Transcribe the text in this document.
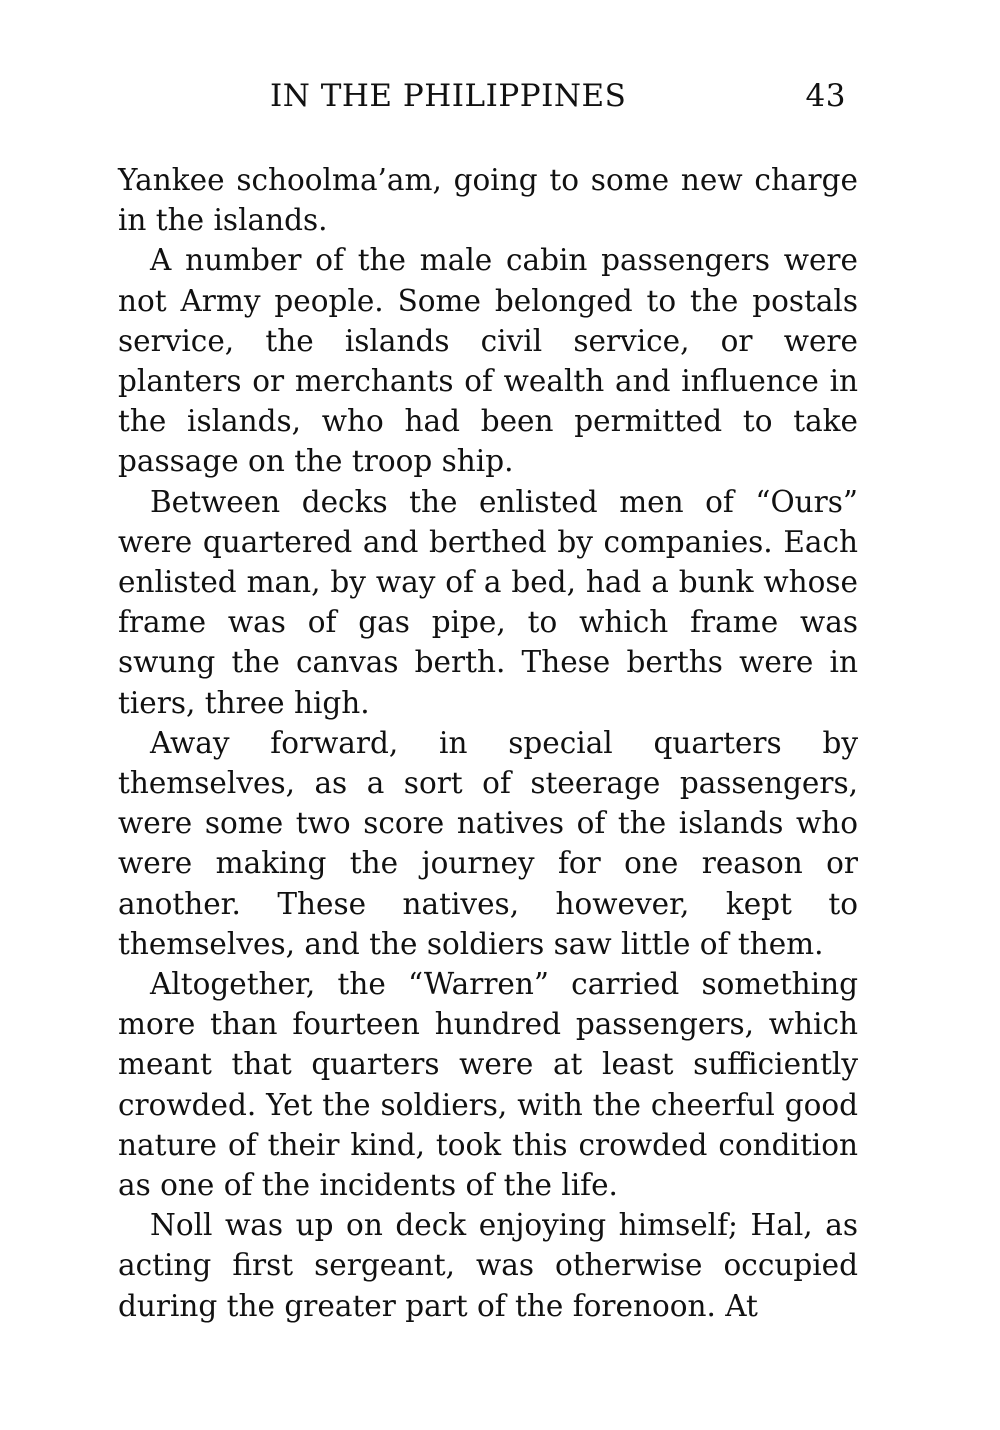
IN THE PHILIPPINES	43

Yankee schoolma’am, going to some new charge in the islands.

A number of the male cabin passengers were not Army people. Some belonged to the postals service, the islands civil service, or were planters or merchants of wealth and influence in the islands, who had been permitted to take passage on the troop ship.

Between decks the enlisted men of “Ours” were quartered and berthed by companies. Each enlisted man, by way of a bed, had a bunk whose frame was of gas pipe, to which frame was swung the canvas berth. These berths were in tiers, three high.

Away forward, in special quarters by themselves, as a sort of steerage passengers, were some two score natives of the islands who were making the journey for one reason or another. These natives, however, kept to themselves, and the soldiers saw little of them.

Altogether, the “Warren” carried something more than fourteen hundred passengers, which meant that quarters were at least sufficiently crowded. Yet the soldiers, with the cheerful good nature of their kind, took this crowded condition as one of the incidents of the life.

Noll was up on deck enjoying himself; Hal, as acting first sergeant, was otherwise occupied during the greater part of the forenoon. At
